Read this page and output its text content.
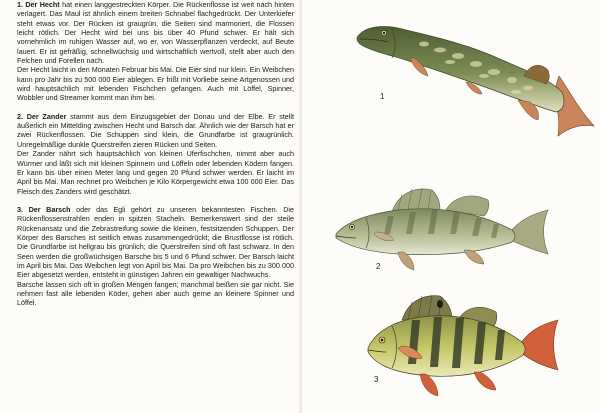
1. Der Hecht hat einen langgestreckten Körper. Die Rückenflosse ist weit nach hinten verlagert. Das Maul ist ähnlich einem breiten Schnabel flachgedrückt. Der Unterkiefer steht etwas vor. Der Rücken ist graugrün, die Seiten sind marmoriert, die Flossen leicht rötlich. Der Hecht wird bei uns bis über 40 Pfund schwer. Er hält sich vornehmlich im ruhigen Wasser auf, wo er, von Wasserpflanzen verdeckt, auf Beute lauert. Er ist gefräßig, schnellwüchsig und wirtschaftlich wertvoll, stellt aber auch den Felchen und Forellen nach.

Der Hecht laicht in den Monaten Februar bis Mai. Die Eier sind nur klein. Ein Weibchen kann pro Jahr bis zu 500 000 Eier ablegen. Er frißt mit Vorliebe seine Artgenossen und wird hauptsächlich mit lebenden Fischchen gefangen. Auch mit Löffel, Spinner, Wobbler und Streamer kommt man ihm bei.

2. Der Zander stammt aus dem Einzugsgebiet der Donau und der Elbe. Er stellt äußerlich ein Mittelding zwischen Hecht und Barsch dar. Ähnlich wie der Barsch hat er zwei Rückenflossen. Die Schuppen sind klein, die Grundfarbe ist graugrünlich. Unregelmäßige dunkle Querstreifen zieren Rücken und Seiten.

Der Zander nährt sich hauptsächlich von kleinen Uferfischchen, nimmt aber auch Würmer und läßt sich mit kleinen Spinnern und Löffeln oder lebenden Ködern fangen. Er kann bis über einen Meter lang und gegen 20 Pfund schwer werden. Er laicht im April bis Mai. Man rechnet pro Weibchen je Kilo Körpergewicht etwa 100 000 Eier. Das Fleisch des Zanders wird geschätzt.

3. Der Barsch oder das Egli gehört zu unseren bekanntesten Fischen. Die Rückenflossenstrahlen enden in spitzen Stacheln. Bemerkenswert sind der steile Rückenansatz und die Zebrastreifung sowie die kleinen, festsitzenden Schuppen. Der Körper des Barsches ist seitlich etwas zusammengedrückt; die Brustflosse ist rötlich. Die Grundfarbe ist hellgrau bis grünlich; die Querstreifen sind oft fast schwarz. In den Seen werden die großwüchsigen Barsche bis 5 und 6 Pfund schwer. Der Barsch laicht im April bis Mai. Das Weibchen legt von April bis Mai. Da pro Weibchen bis zu 300 000 Eier abgesetzt werden, entsteht in günstigen Jahren ein gewaltiger Nachwuchs.

Barsche lassen sich oft in großen Mengen fangen; manchmal beißen sie gar nicht. Sie nehmen fast alle lebenden Köder, gehen aber auch gerne an kleinere Spinner und Löffel.

1
2
3
